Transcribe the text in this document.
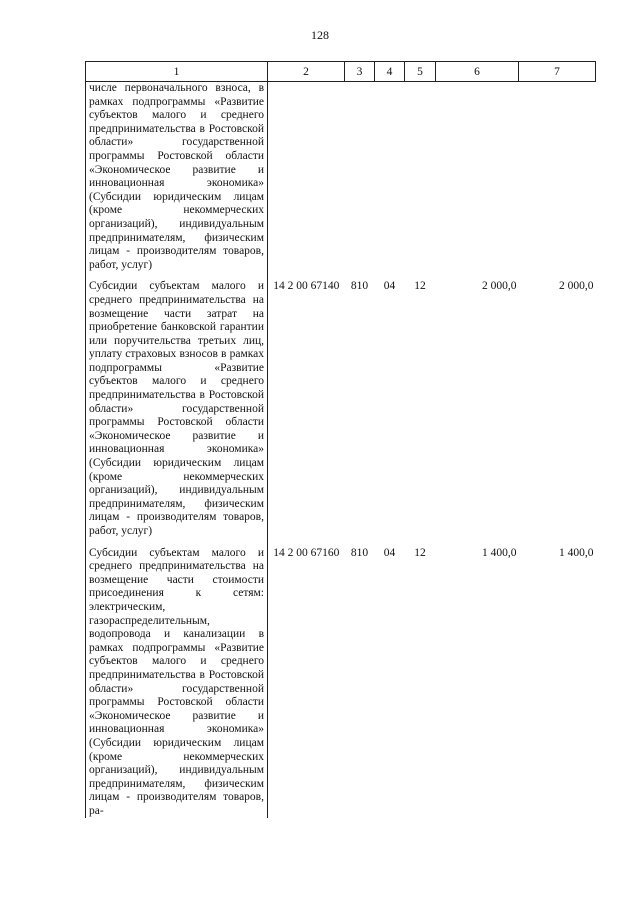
128
1	2	3	4	5	6	7

числе первоначального взноса, в рамках подпрограммы «Развитие субъектов малого и среднего предпринимательства в Ростовской области» государственной программы Ростовской области «Экономическое развитие и инновационная экономика» (Субсидии юридическим лицам (кроме некоммерческих организаций), индивидуальным предпринимателям, физическим лицам - производителям товаров, работ, услуг)						

Субсидии субъектам малого и среднего предпринимательства на возмещение части затрат на приобретение банковской гарантии или поручительства третьих лиц, уплату страховых взносов в рамках подпрограммы «Развитие субъектов малого и среднего предпринимательства в Ростовской области» государственной программы Ростовской области «Экономическое развитие и инновационная экономика» (Субсидии юридическим лицам (кроме некоммерческих организаций), индивидуальным предпринимателям, физическим лицам - производителям товаров, работ, услуг)	14 2 00 67140	810	04	12	2 000,0	2 000,0

Субсидии субъектам малого и среднего предпринимательства на возмещение части стоимости присоединения к сетям: электрическим, газораспределительным, водопровода и канализации в рамках подпрограммы «Развитие субъектов малого и среднего предпринимательства в Ростовской области» государственной программы Ростовской области «Экономическое развитие и инновационная экономика» (Субсидии юридическим лицам (кроме некоммерческих организаций), индивидуальным предпринимателям, физическим лицам - производителям товаров, ра-	14 2 00 67160	810	04	12	1 400,0	1 400,0
